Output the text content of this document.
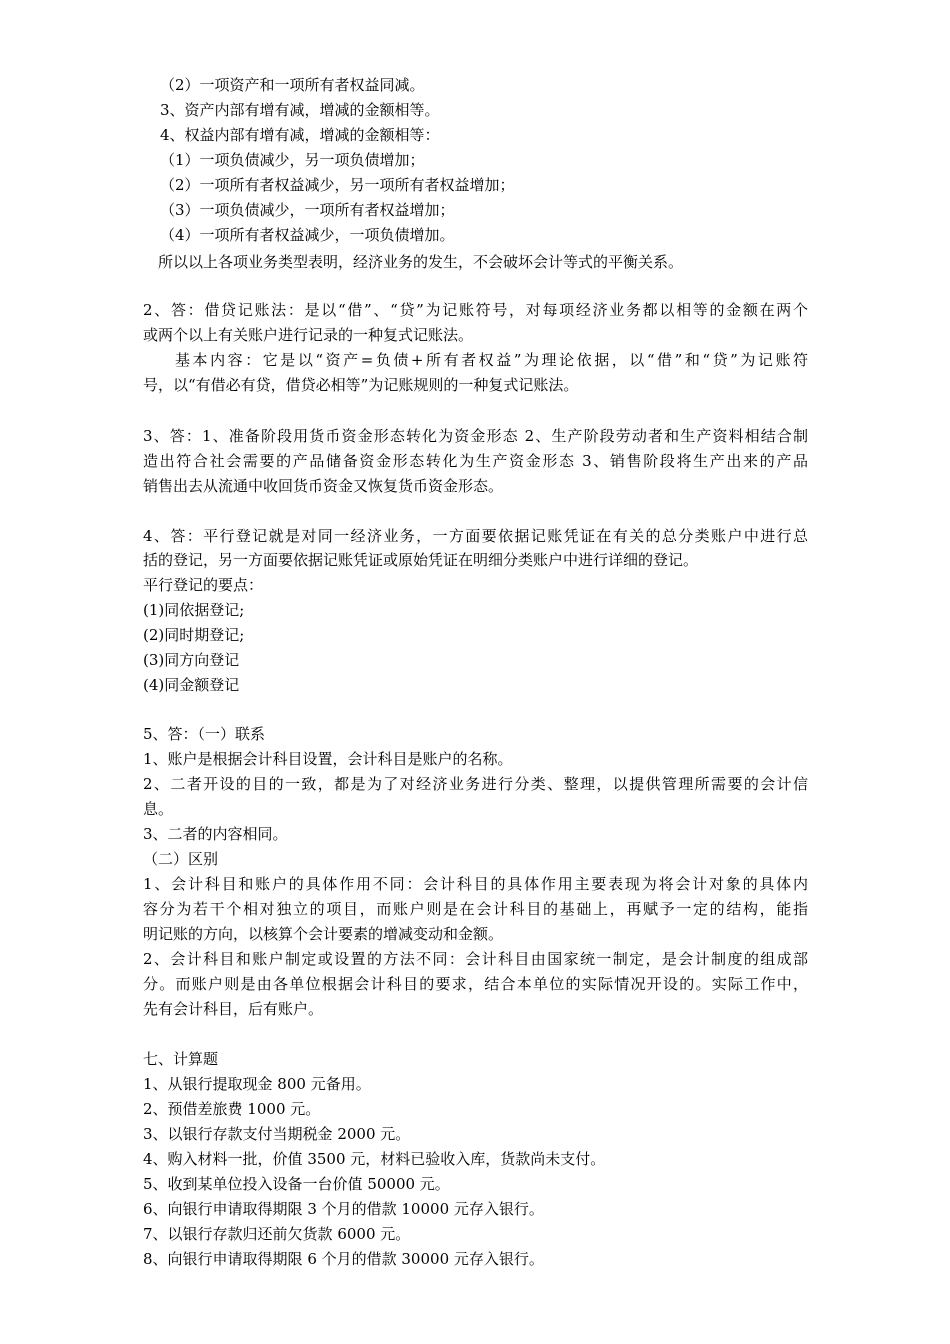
（2）一项资产和一项所有者权益同减。
3、资产内部有增有减，增减的金额相等。
4、权益内部有增有减，增减的金额相等：
（1）一项负债减少，另一项负债增加；
（2）一项所有者权益减少，另一项所有者权益增加；
（3）一项负债减少，一项所有者权益增加；
（4）一项所有者权益减少，一项负债增加。
所以以上各项业务类型表明，经济业务的发生，不会破坏会计等式的平衡关系。
2、答：借贷记账法：是以“借”、“贷”为记账符号，对每项经济业务都以相等的金额在两个
或两个以上有关账户进行记录的一种复式记账法。
基本内容：它是以“资产=负债+所有者权益”为理论依据，以“借”和“贷”为记账符
号，以“有借必有贷，借贷必相等”为记账规则的一种复式记账法。
3、答：1、准备阶段用货币资金形态转化为资金形态 2、生产阶段劳动者和生产资料相结合制
造出符合社会需要的产品储备资金形态转化为生产资金形态 3、销售阶段将生产出来的产品
销售出去从流通中收回货币资金又恢复货币资金形态。
4、答：平行登记就是对同一经济业务，一方面要依据记账凭证在有关的总分类账户中进行总
括的登记，另一方面要依据记账凭证或原始凭证在明细分类账户中进行详细的登记。
平行登记的要点：
(1)同依据登记;
(2)同时期登记;
(3)同方向登记
(4)同金额登记
5、答：（一）联系
1、账户是根据会计科目设置，会计科目是账户的名称。
2、二者开设的目的一致，都是为了对经济业务进行分类、整理，以提供管理所需要的会计信
息。
3、二者的内容相同。
（二）区别
1、会计科目和账户的具体作用不同：会计科目的具体作用主要表现为将会计对象的具体内
容分为若干个相对独立的项目，而账户则是在会计科目的基础上，再赋予一定的结构，能指
明记账的方向，以核算个会计要素的增减变动和金额。
2、会计科目和账户制定或设置的方法不同：会计科目由国家统一制定，是会计制度的组成部
分。而账户则是由各单位根据会计科目的要求，结合本单位的实际情况开设的。实际工作中，
先有会计科目，后有账户。
七、计算题
1、从银行提取现金 800 元备用。
2、预借差旅费 1000 元。
3、以银行存款支付当期税金 2000 元。
4、购入材料一批，价值 3500 元，材料已验收入库，货款尚未支付。
5、收到某单位投入设备一台价值 50000 元。
6、向银行申请取得期限 3 个月的借款 10000 元存入银行。
7、以银行存款归还前欠货款 6000 元。
8、向银行申请取得期限 6 个月的借款 30000 元存入银行。
